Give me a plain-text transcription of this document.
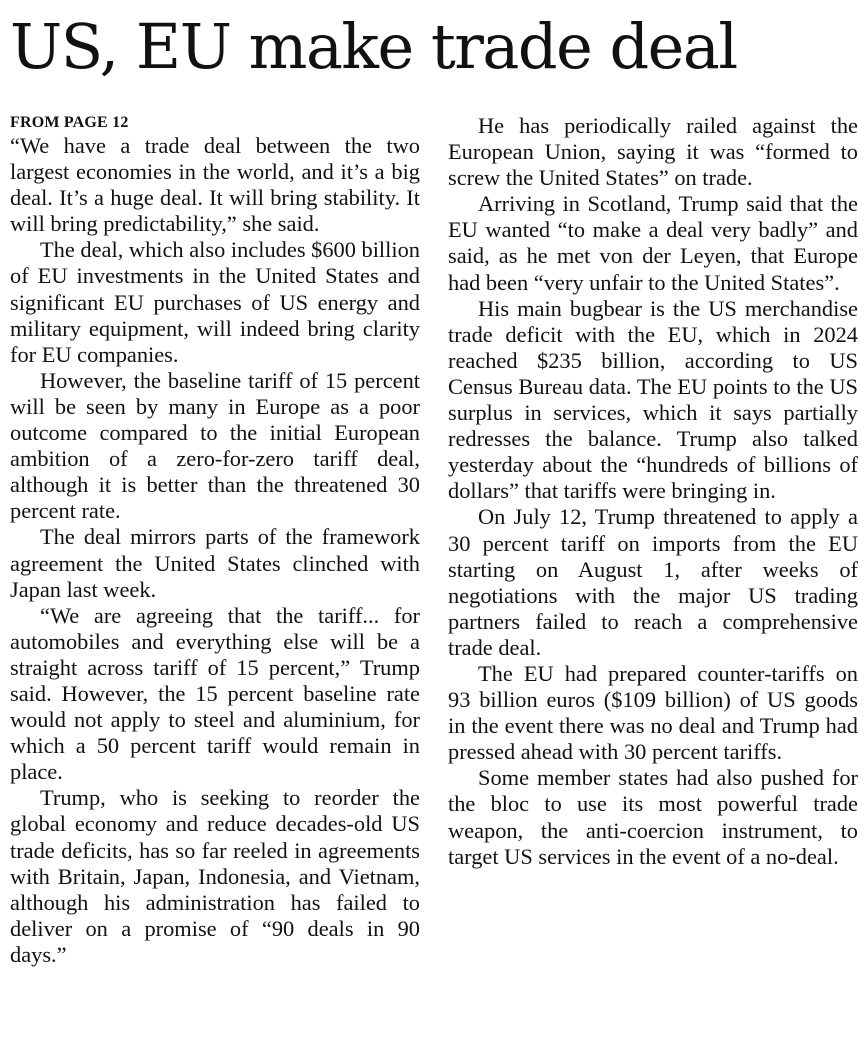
US, EU make trade deal
FROM PAGE 12

“We have a trade deal between the two largest economies in the world, and it’s a big deal. It’s a huge deal. It will bring stability. It will bring predictability,” she said.

The deal, which also includes $600 billion of EU investments in the United States and significant EU purchases of US energy and military equipment, will indeed bring clarity for EU companies.

However, the baseline tariff of 15 percent will be seen by many in Europe as a poor outcome compared to the initial European ambition of a zero-for-zero tariff deal, although it is better than the threatened 30 percent rate.

The deal mirrors parts of the framework agreement the United States clinched with Japan last week.

“We are agreeing that the tariff... for automobiles and everything else will be a straight across tariff of 15 percent,” Trump said. However, the 15 percent baseline rate would not apply to steel and aluminium, for which a 50 percent tariff would remain in place.

Trump, who is seeking to reorder the global economy and reduce decades-old US trade deficits, has so far reeled in agreements with Britain, Japan, Indonesia, and Vietnam, although his administration has failed to deliver on a promise of “90 deals in 90 days.”

He has periodically railed against the European Union, saying it was “formed to screw the United States” on trade.

Arriving in Scotland, Trump said that the EU wanted “to make a deal very badly” and said, as he met von der Leyen, that Europe had been “very unfair to the United States”.

His main bugbear is the US merchandise trade deficit with the EU, which in 2024 reached $235 billion, according to US Census Bureau data. The EU points to the US surplus in services, which it says partially redresses the balance. Trump also talked yesterday about the “hundreds of billions of dollars” that tariffs were bringing in.

On July 12, Trump threatened to apply a 30 percent tariff on imports from the EU starting on August 1, after weeks of negotiations with the major US trading partners failed to reach a comprehensive trade deal.

The EU had prepared counter-tariffs on 93 billion euros ($109 billion) of US goods in the event there was no deal and Trump had pressed ahead with 30 percent tariffs.

Some member states had also pushed for the bloc to use its most powerful trade weapon, the anti-coercion instrument, to target US services in the event of a no-deal.
